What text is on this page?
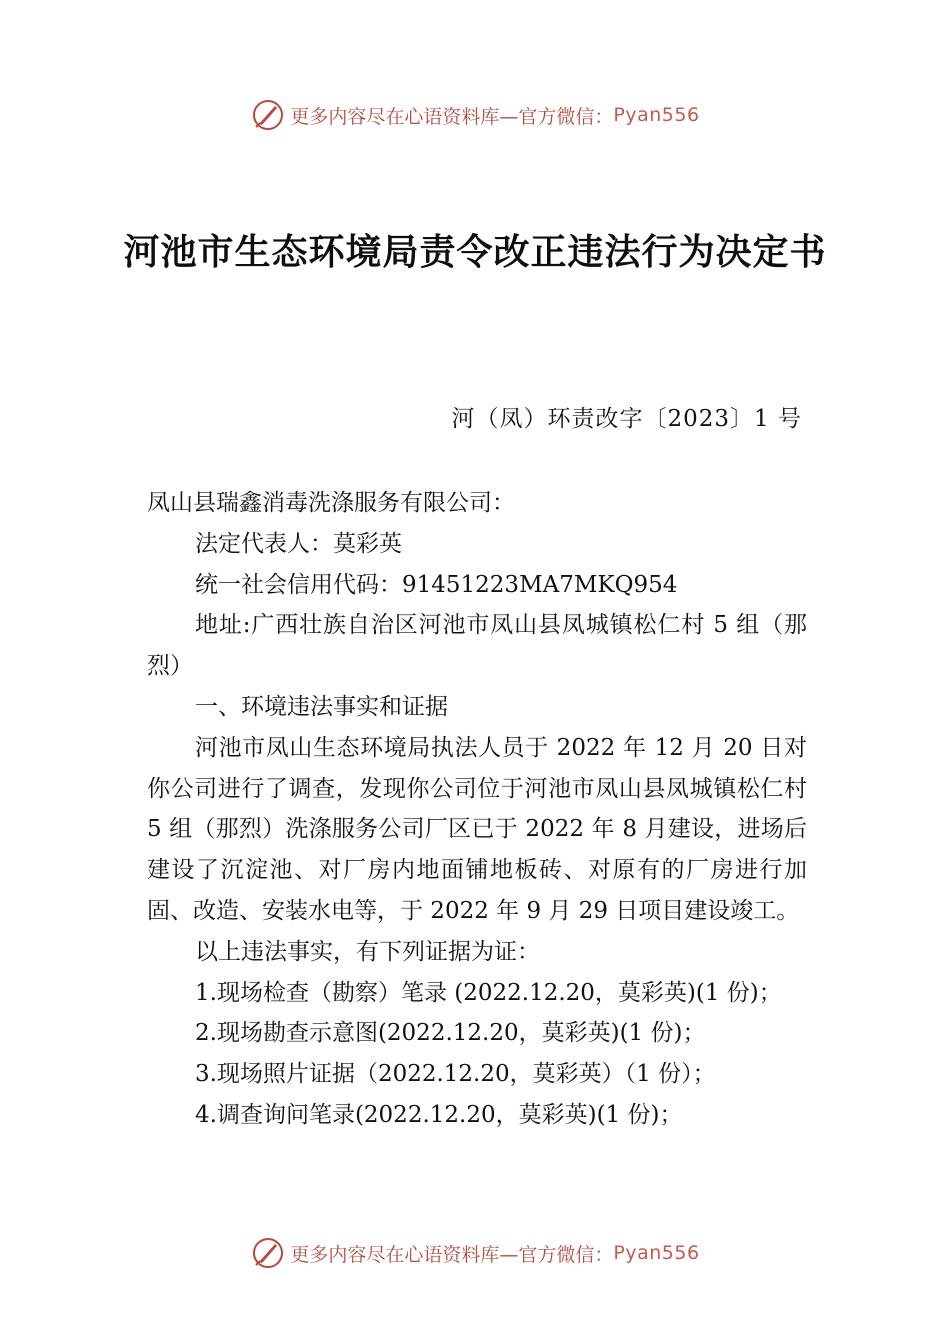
更多内容尽在心语资料库—官方微信： Pyan556
河池市生态环境局责令改正违法行为决定书
河（凤）环责改字〔2023〕1 号

凤山县瑞鑫消毒洗涤服务有限公司：

法定代表人：莫彩英

统一社会信用代码：91451223MA7MKQ954

地址:广西壮族自治区河池市凤山县凤城镇松仁村 5 组（那烈）

一、环境违法事实和证据

河池市凤山生态环境局执法人员于 2022 年 12 月 20 日对你公司进行了调查，发现你公司位于河池市凤山县凤城镇松仁村 5 组（那烈）洗涤服务公司厂区已于 2022 年 8 月建设，进场后建设了沉淀池、对厂房内地面铺地板砖、对原有的厂房进行加固、改造、安装水电等，于 2022 年 9 月 29 日项目建设竣工。

以上违法事实，有下列证据为证：

1.现场检查（勘察）笔录 (2022.12.20，莫彩英)(1 份)；

2.现场勘查示意图(2022.12.20，莫彩英)(1 份)；

3.现场照片证据（2022.12.20，莫彩英）（1 份）；

4.调查询问笔录(2022.12.20，莫彩英)(1 份)；

更多内容尽在心语资料库—官方微信： Pyan556
